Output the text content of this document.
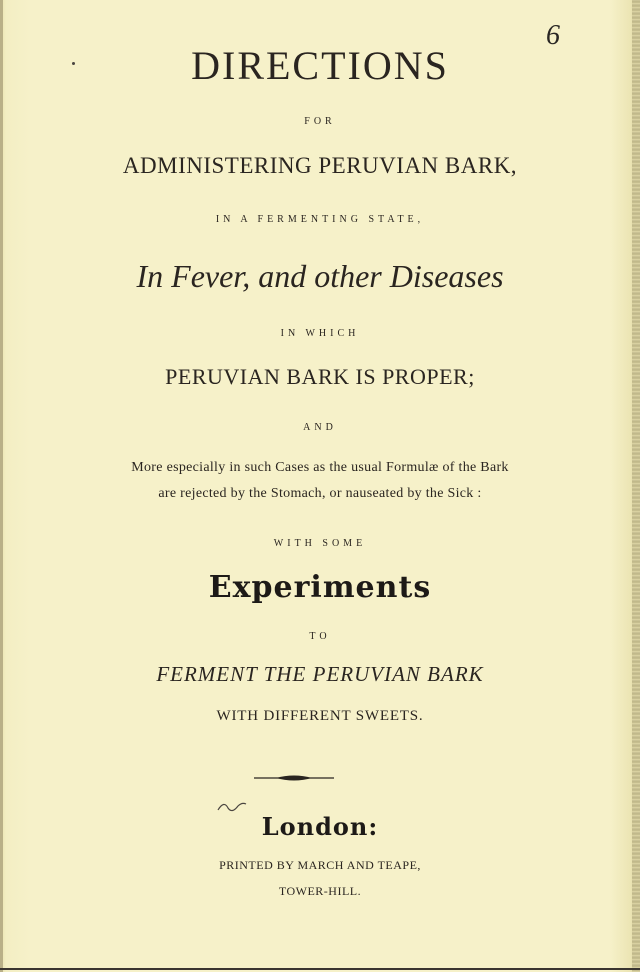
6
DIRECTIONS
FOR
ADMINISTERING PERUVIAN BARK,
IN A FERMENTING STATE,
In Fever, and other Diseases
IN WHICH
PERUVIAN BARK IS PROPER;
AND
More especially in such Cases as the usual Formulæ of the Bark
are rejected by the Stomach, or nauseated by the Sick :
WITH SOME
Experiments
TO
FERMENT THE PERUVIAN BARK
WITH DIFFERENT SWEETS.
London:
PRINTED BY MARCH AND TEAPE,
TOWER-HILL.
